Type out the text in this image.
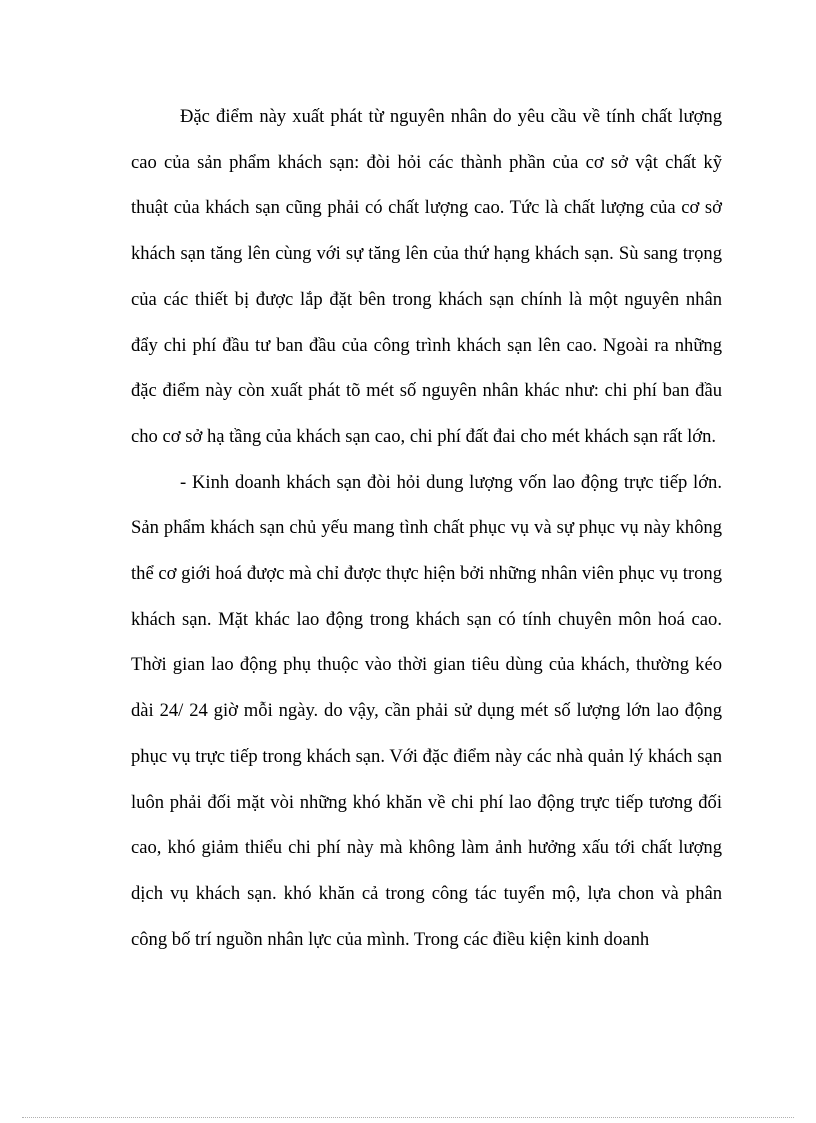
Đặc điểm này xuất phát từ nguyên nhân do yêu cầu về tính chất lượng cao của sản phẩm khách sạn: đòi hỏi các thành phần của cơ sở vật chất kỹ thuật của khách sạn cũng phải có chất lượng cao. Tức là chất lượng của cơ sở khách sạn tăng lên cùng với sự tăng lên của thứ hạng khách sạn. Sù sang trọng của các thiết bị được lắp đặt bên trong khách sạn chính là một nguyên nhân đẩy chi phí đầu tư ban đầu của công trình khách sạn lên cao. Ngoài ra những đặc điểm này còn xuất phát tõ mét số nguyên nhân khác như: chi phí ban đầu cho cơ sở hạ tầng của khách sạn cao, chi phí đất đai cho mét khách sạn rất lớn.

- Kinh doanh khách sạn đòi hỏi dung lượng vốn lao động trực tiếp lớn. Sản phẩm khách sạn chủ yếu mang tình chất phục vụ và sự phục vụ này không thể cơ giới hoá được mà chỉ được thực hiện bởi những nhân viên phục vụ trong khách sạn. Mặt khác lao động trong khách sạn có tính chuyên môn hoá cao. Thời gian lao động phụ thuộc vào thời gian tiêu dùng của khách, thường kéo dài 24/ 24 giờ mỗi ngày. do vậy, cần phải sử dụng mét số lượng lớn lao động phục vụ trực tiếp trong khách sạn. Với đặc điểm này các nhà quản lý khách sạn luôn phải đối mặt vòi những khó khăn về chi phí lao động trực tiếp tương đối cao, khó giảm thiểu chi phí này mà không làm ảnh hưởng xấu tới chất lượng dịch vụ khách sạn. khó khăn cả trong công tác tuyển mộ, lựa chon và phân công bố trí nguồn nhân lực của mình. Trong các điều kiện kinh doanh
